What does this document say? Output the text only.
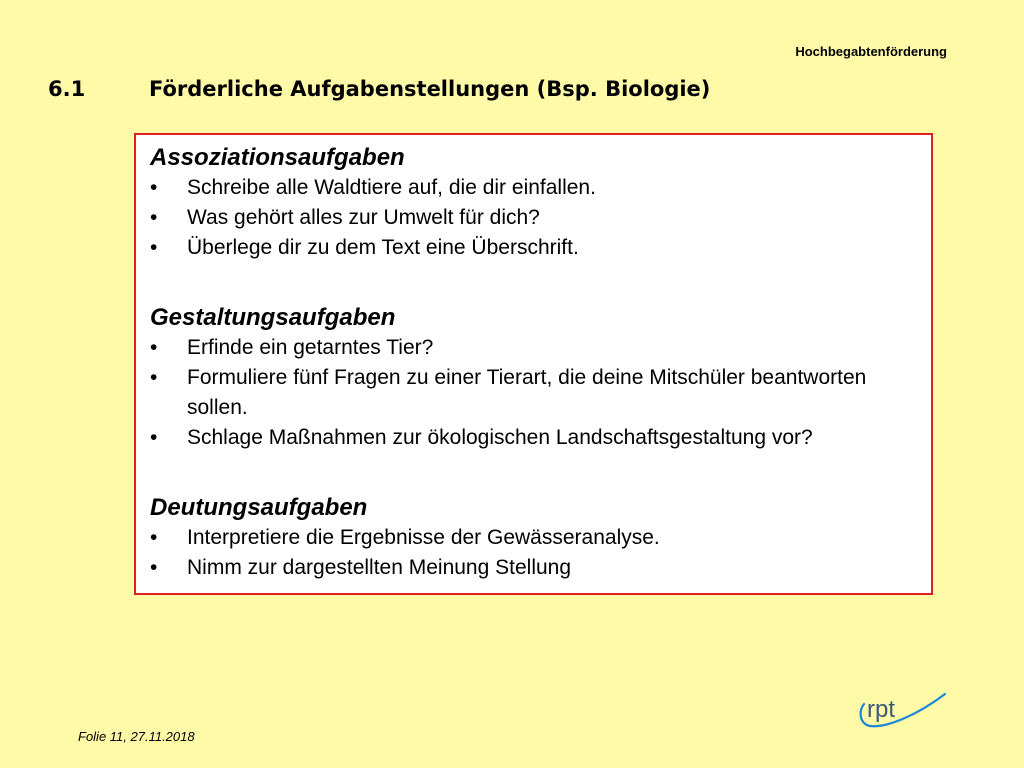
Hochbegabtenförderung
6.1	Förderliche Aufgabenstellungen (Bsp. Biologie)
Assoziationsaufgaben
•	Schreibe alle Waldtiere auf, die dir einfallen.
•	Was gehört alles zur Umwelt für dich?
•	Überlege dir zu dem Text eine Überschrift.
Gestaltungsaufgaben
•	Erfinde ein getarntes Tier?
•	Formuliere fünf Fragen zu einer Tierart, die deine Mitschüler beantworten sollen.
•	Schlage Maßnahmen zur ökologischen Landschaftsgestaltung vor?
Deutungsaufgaben
•	Interpretiere die Ergebnisse der Gewässeranalyse.
•	Nimm zur dargestellten Meinung Stellung
Folie 11, 27.11.2018
rpt
